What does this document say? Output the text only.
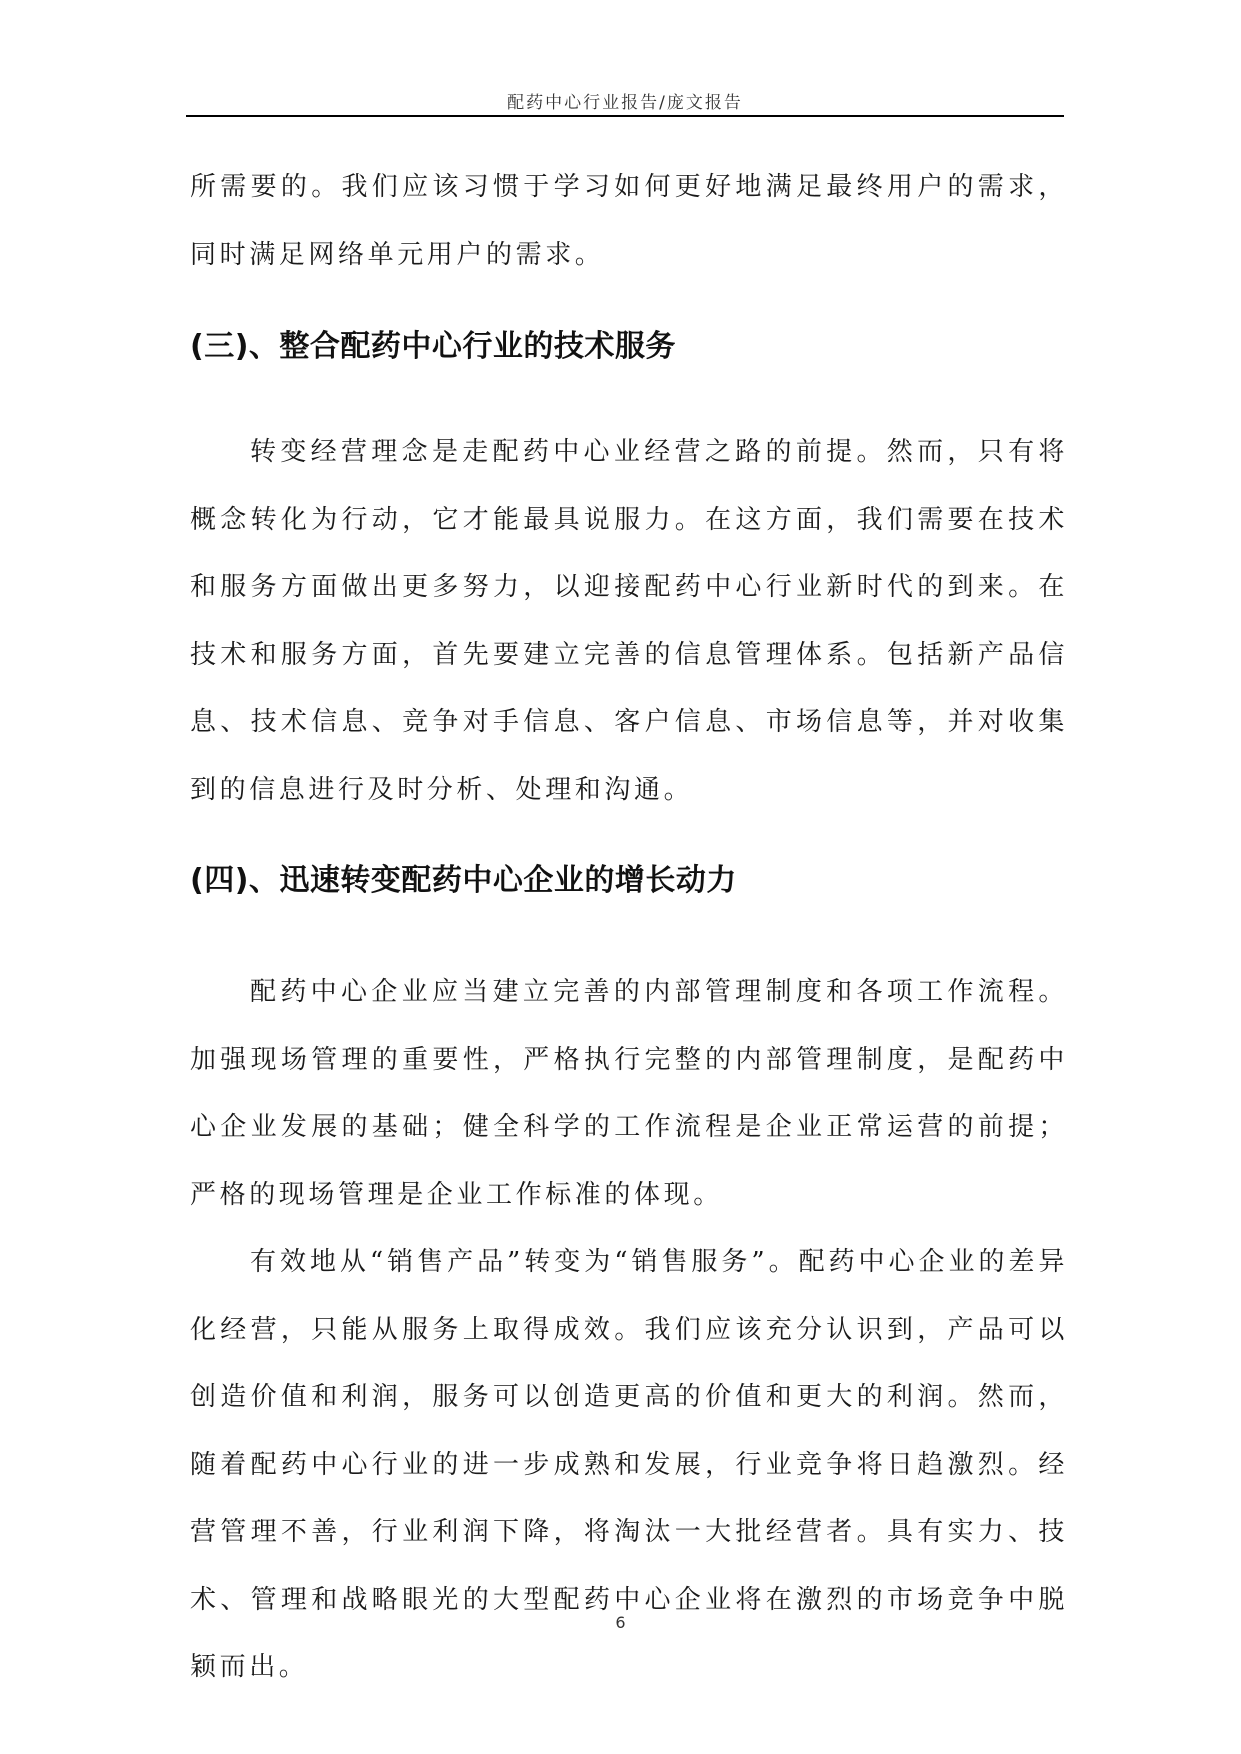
配药中心行业报告/庞文报告

所需要的。我们应该习惯于学习如何更好地满足最终用户的需求，同时满足网络单元用户的需求。

(三)、整合配药中心行业的技术服务

转变经营理念是走配药中心业经营之路的前提。然而，只有将概念转化为行动，它才能最具说服力。在这方面，我们需要在技术和服务方面做出更多努力，以迎接配药中心行业新时代的到来。在技术和服务方面，首先要建立完善的信息管理体系。包括新产品信息、技术信息、竞争对手信息、客户信息、市场信息等，并对收集到的信息进行及时分析、处理和沟通。

(四)、迅速转变配药中心企业的增长动力

配药中心企业应当建立完善的内部管理制度和各项工作流程。加强现场管理的重要性，严格执行完整的内部管理制度，是配药中心企业发展的基础；健全科学的工作流程是企业正常运营的前提；严格的现场管理是企业工作标准的体现。

有效地从“销售产品”转变为“销售服务”。配药中心企业的差异化经营，只能从服务上取得成效。我们应该充分认识到，产品可以创造价值和利润，服务可以创造更高的价值和更大的利润。然而，随着配药中心行业的进一步成熟和发展，行业竞争将日趋激烈。经营管理不善，行业利润下降，将淘汰一大批经营者。具有实力、技术、管理和战略眼光的大型配药中心企业将在激烈的市场竞争中脱颖而出。

6
